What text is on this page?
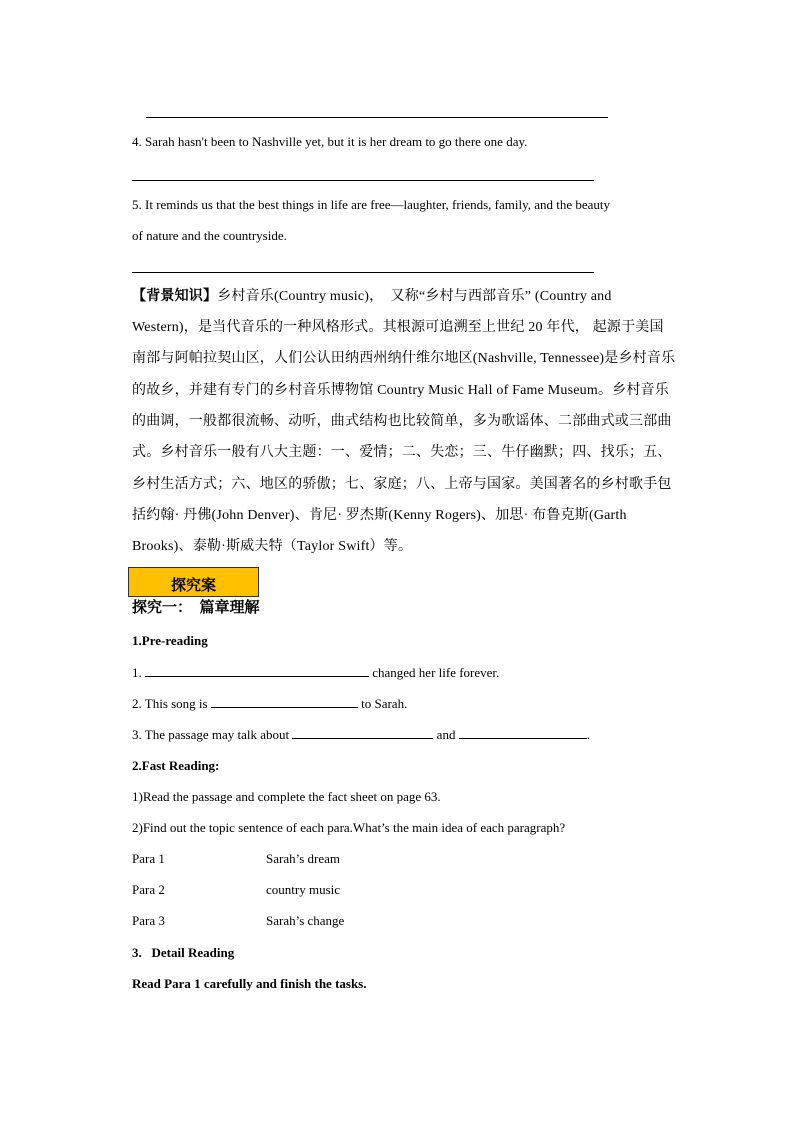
4. Sarah hasn't been to Nashville yet, but it is her dream to go there one day.
5. It reminds us that the best things in life are free—laughter, friends, family, and the beauty
of nature and the countryside.
【背景知识】乡村音乐(Country music)，　又称“乡村与西部音乐” (Country and
Western)，是当代音乐的一种风格形式。其根源可追溯至上世纪 20 年代， 起源于美国
南部与阿帕拉契山区，人们公认田纳西州纳什维尔地区(Nashville, Tennessee)是乡村音乐
的故乡，并建有专门的乡村音乐博物馆 Country Music Hall of Fame Museum。乡村音乐
的曲调，一般都很流畅、动听，曲式结构也比较简单，多为歌谣体、二部曲式或三部曲
式。乡村音乐一般有八大主题：一、爱情；二、失恋；三、牛仔幽默；四、找乐；五、
乡村生活方式；六、地区的骄傲；七、家庭；八、上帝与国家。美国著名的乡村歌手包
括约翰· 丹佛(John Denver)、肯尼· 罗杰斯(Kenny Rogers)、加思· 布鲁克斯(Garth
Brooks)、泰勒·斯威夫特（Taylor Swift）等。
探究案
探究一：　篇章理解
1.Pre-reading
1.	changed her life forever.
2. This song is	to Sarah.
3. The passage may talk about	and	.
2.Fast Reading:
1)Read the passage and complete the fact sheet on page 63.
2)Find out the topic sentence of each para.What’s the main idea of each paragraph?
Para 1	Sarah’s dream
Para 2	country music
Para 3	Sarah’s change
3.   Detail Reading
Read Para 1 carefully and finish the tasks.
